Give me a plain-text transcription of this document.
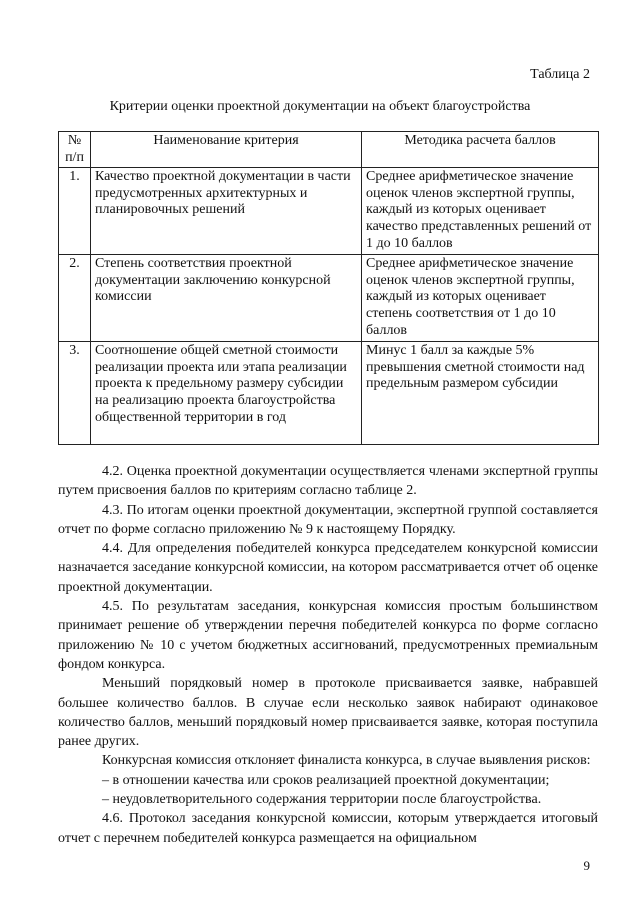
Таблица 2
Критерии оценки проектной документации на объект благоустройства
№ п/п	Наименование критерия	Методика расчета баллов
1.	Качество проектной документации в части предусмотренных архитектурных и планировочных решений	Среднее арифметическое значение оценок членов экспертной группы, каждый из которых оценивает качество представленных решений от 1 до 10 баллов
2.	Степень соответствия проектной документации заключению конкурсной комиссии	Среднее арифметическое значение оценок членов экспертной группы, каждый из которых оценивает степень соответствия от 1 до 10 баллов
3.	Соотношение общей сметной стоимости реализации проекта или этапа реализации проекта к предельному размеру субсидии на реализацию проекта благоустройства общественной территории в год	Минус 1 балл за каждые 5% превышения сметной стоимости над предельным размером субсидии

4.2. Оценка проектной документации осуществляется членами экспертной группы путем присвоения баллов по критериям согласно таблице 2.

4.3. По итогам оценки проектной документации, экспертной группой составляется отчет по форме согласно приложению № 9 к настоящему Порядку.

4.4. Для определения победителей конкурса председателем конкурсной комиссии назначается заседание конкурсной комиссии, на котором рассматривается отчет об оценке проектной документации.

4.5. По результатам заседания, конкурсная комиссия простым большинством принимает решение об утверждении перечня победителей конкурса по форме согласно приложению № 10 с учетом бюджетных ассигнований, предусмотренных премиальным фондом конкурса.

Меньший порядковый номер в протоколе присваивается заявке, набравшей большее количество баллов. В случае если несколько заявок набирают одинаковое количество баллов, меньший порядковый номер присваивается заявке, которая поступила ранее других.

Конкурсная комиссия отклоняет финалиста конкурса, в случае выявления рисков:

– в отношении качества или сроков реализацией проектной документации;

– неудовлетворительного содержания территории после благоустройства.

4.6. Протокол заседания конкурсной комиссии, которым утверждается итоговый отчет с перечнем победителей конкурса размещается на официальном

9
